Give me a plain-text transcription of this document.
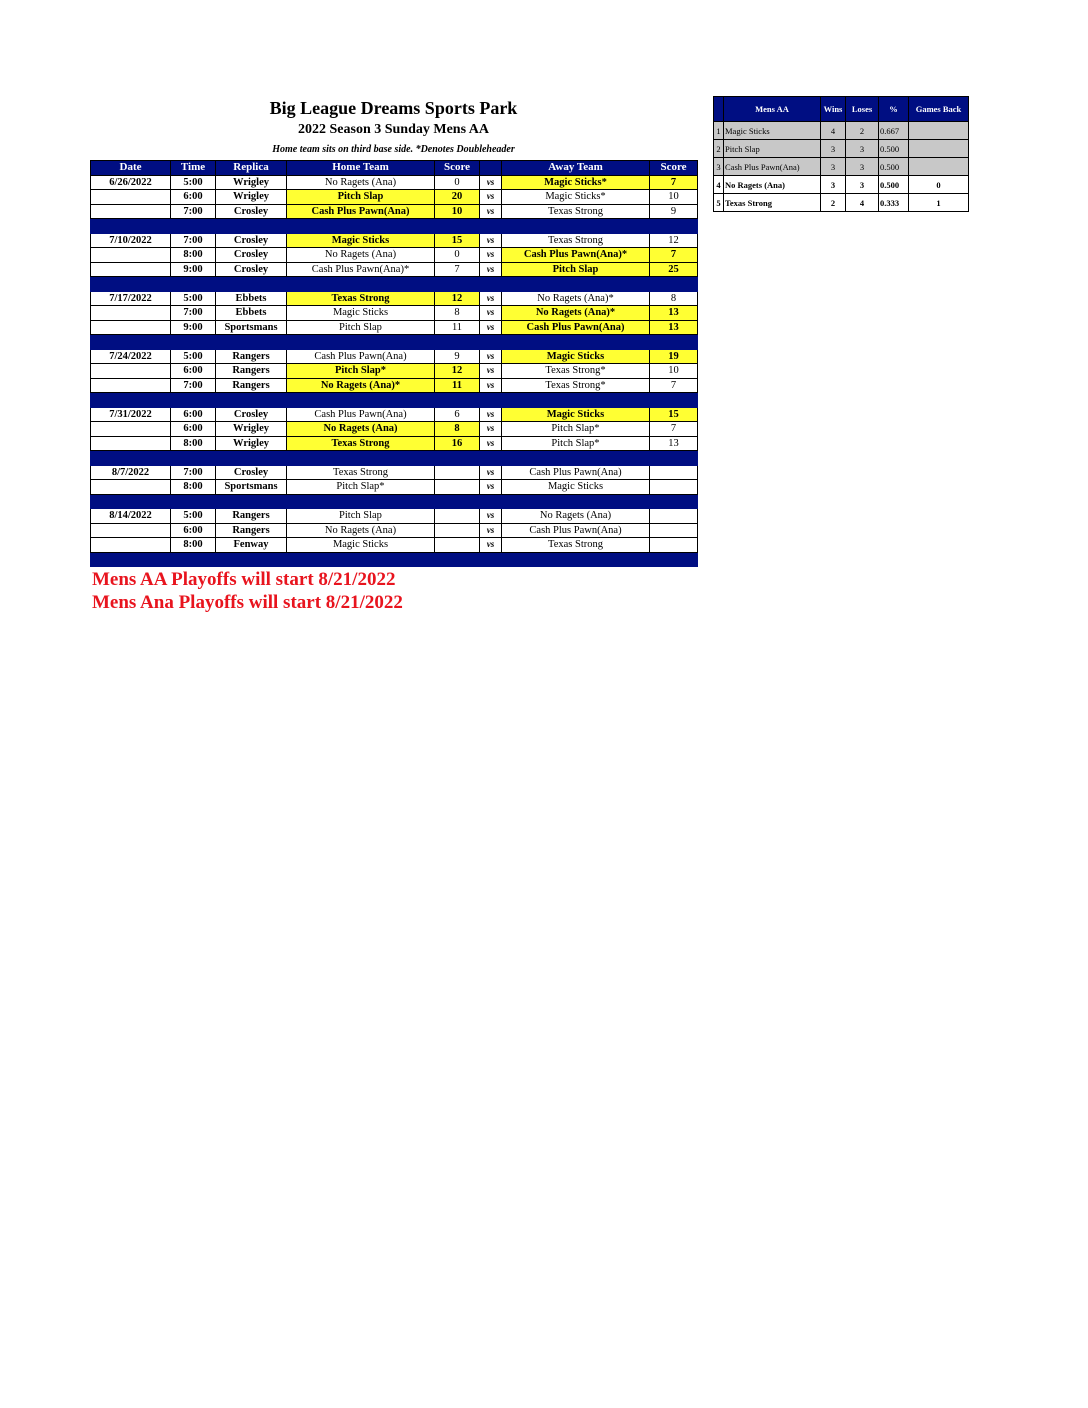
Big League Dreams Sports Park
2022 Season 3 Sunday Mens AA
Home team sits on third base side. *Denotes Doubleheader
Date	Time	Replica	Home Team	Score		Away Team	Score
6/26/2022	5:00	Wrigley	No Ragets (Ana)	0	vs	Magic Sticks*	7
	6:00	Wrigley	Pitch Slap	20	vs	Magic Sticks*	10
	7:00	Crosley	Cash Plus Pawn(Ana)	10	vs	Texas Strong	9

7/10/2022	7:00	Crosley	Magic Sticks	15	vs	Texas Strong	12
	8:00	Crosley	No Ragets (Ana)	0	vs	Cash Plus Pawn(Ana)*	7
	9:00	Crosley	Cash Plus Pawn(Ana)*	7	vs	Pitch Slap	25

7/17/2022	5:00	Ebbets	Texas Strong	12	vs	No Ragets (Ana)*	8
	7:00	Ebbets	Magic Sticks	8	vs	No Ragets (Ana)*	13
	9:00	Sportsmans	Pitch Slap	11	vs	Cash Plus Pawn(Ana)	13

7/24/2022	5:00	Rangers	Cash Plus Pawn(Ana)	9	vs	Magic Sticks	19
	6:00	Rangers	Pitch Slap*	12	vs	Texas Strong*	10
	7:00	Rangers	No Ragets (Ana)*	11	vs	Texas Strong*	7

7/31/2022	6:00	Crosley	Cash Plus Pawn(Ana)	6	vs	Magic Sticks	15
	6:00	Wrigley	No Ragets (Ana)	8	vs	Pitch Slap*	7
	8:00	Wrigley	Texas Strong	16	vs	Pitch Slap*	13

8/7/2022	7:00	Crosley	Texas Strong		vs	Cash Plus Pawn(Ana)	
	8:00	Sportsmans	Pitch Slap*		vs	Magic Sticks	

8/14/2022	5:00	Rangers	Pitch Slap		vs	No Ragets (Ana)	
	6:00	Rangers	No Ragets (Ana)		vs	Cash Plus Pawn(Ana)	
	8:00	Fenway	Magic Sticks		vs	Texas Strong	

	Mens AA	Wins	Loses	%	Games Back
1	Magic Sticks	4	2	0.667	
2	Pitch Slap	3	3	0.500	
3	Cash Plus Pawn(Ana)	3	3	0.500	
4	No Ragets (Ana)	3	3	0.500	0
5	Texas Strong	2	4	0.333	1
Mens AA Playoffs will start 8/21/2022
Mens Ana Playoffs will start 8/21/2022
